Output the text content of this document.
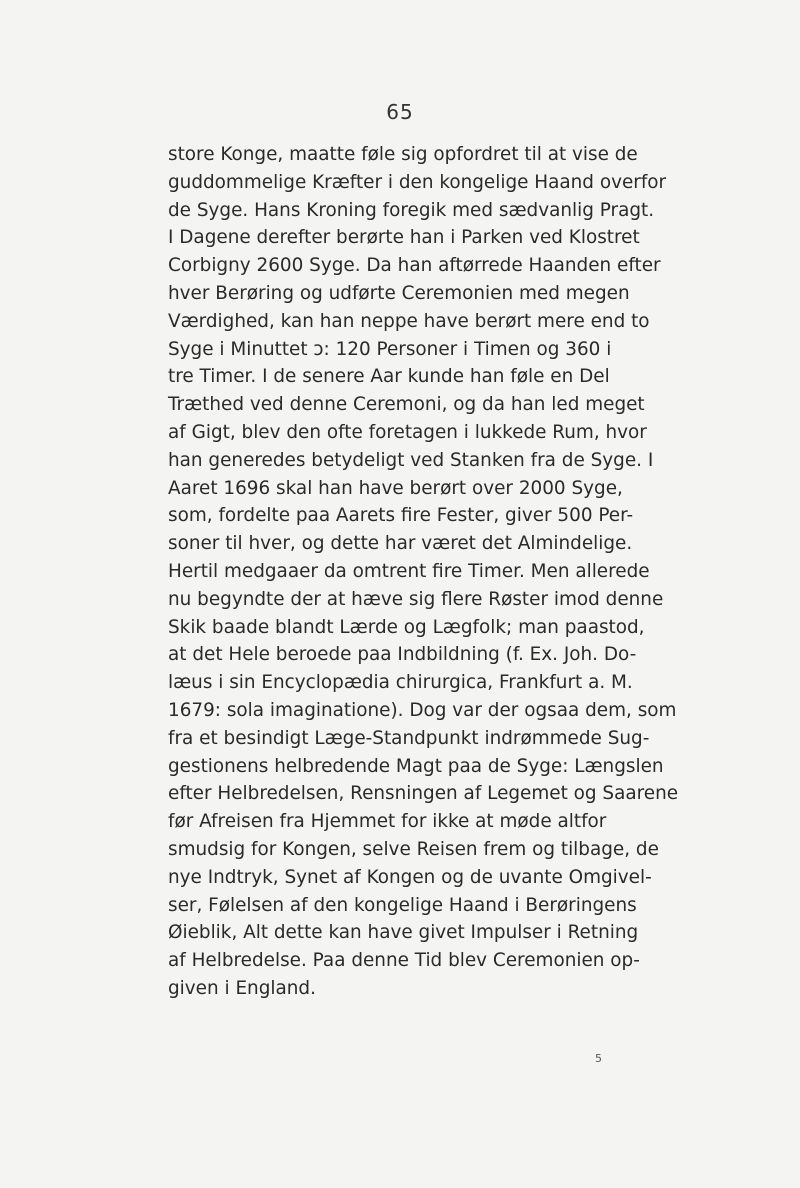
65
store Konge, maatte føle sig opfordret til at vise de
guddommelige Kræfter i den kongelige Haand overfor
de Syge. Hans Kroning foregik med sædvanlig Pragt.
I Dagene derefter berørte han i Parken ved Klostret
Corbigny 2600 Syge. Da han aftørrede Haanden efter
hver Berøring og udførte Ceremonien med megen
Værdighed, kan han neppe have berørt mere end to
Syge i Minuttet ɔ: 120 Personer i Timen og 360 i
tre Timer. I de senere Aar kunde han føle en Del
Træthed ved denne Ceremoni, og da han led meget
af Gigt, blev den ofte foretagen i lukkede Rum, hvor
han generedes betydeligt ved Stanken fra de Syge. I
Aaret 1696 skal han have berørt over 2000 Syge,
som, fordelte paa Aarets fire Fester, giver 500 Per-
soner til hver, og dette har været det Almindelige.
Hertil medgaaer da omtrent fire Timer. Men allerede
nu begyndte der at hæve sig flere Røster imod denne
Skik baade blandt Lærde og Lægfolk; man paastod,
at det Hele beroede paa Indbildning (f. Ex. Joh. Do-
læus i sin Encyclopædia chirurgica, Frankfurt a. M.
1679: sola imaginatione). Dog var der ogsaa dem, som
fra et besindigt Læge-Standpunkt indrømmede Sug-
gestionens helbredende Magt paa de Syge: Længslen
efter Helbredelsen, Rensningen af Legemet og Saarene
før Afreisen fra Hjemmet for ikke at møde altfor
smudsig for Kongen, selve Reisen frem og tilbage, de
nye Indtryk, Synet af Kongen og de uvante Omgivel-
ser, Følelsen af den kongelige Haand i Berøringens
Øieblik, Alt dette kan have givet Impulser i Retning
af Helbredelse. Paa denne Tid blev Ceremonien op-
given i England.
5
